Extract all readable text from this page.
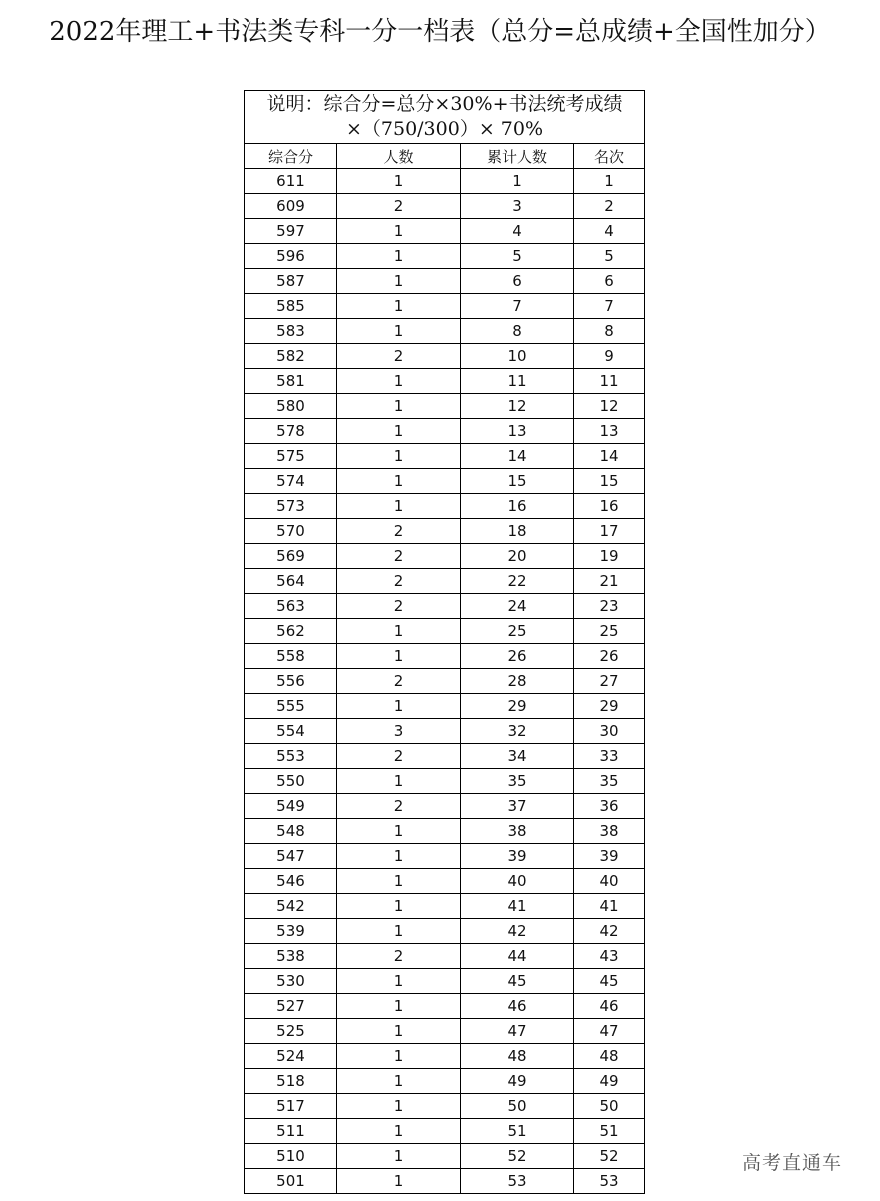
2022年理工+书法类专科一分一档表（总分=总成绩+全国性加分）
说明：综合分=总分×30%+书法统考成绩
×（750/300）× 70%			

综合分	人数	累计人数	名次
611	1	1	1
609	2	3	2
597	1	4	4
596	1	5	5
587	1	6	6
585	1	7	7
583	1	8	8
582	2	10	9
581	1	11	11
580	1	12	12
578	1	13	13
575	1	14	14
574	1	15	15
573	1	16	16
570	2	18	17
569	2	20	19
564	2	22	21
563	2	24	23
562	1	25	25
558	1	26	26
556	2	28	27
555	1	29	29
554	3	32	30
553	2	34	33
550	1	35	35
549	2	37	36
548	1	38	38
547	1	39	39
546	1	40	40
542	1	41	41
539	1	42	42
538	2	44	43
530	1	45	45
527	1	46	46
525	1	47	47
524	1	48	48
518	1	49	49
517	1	50	50
511	1	51	51
510	1	52	52
501	1	53	53
高考直通车
